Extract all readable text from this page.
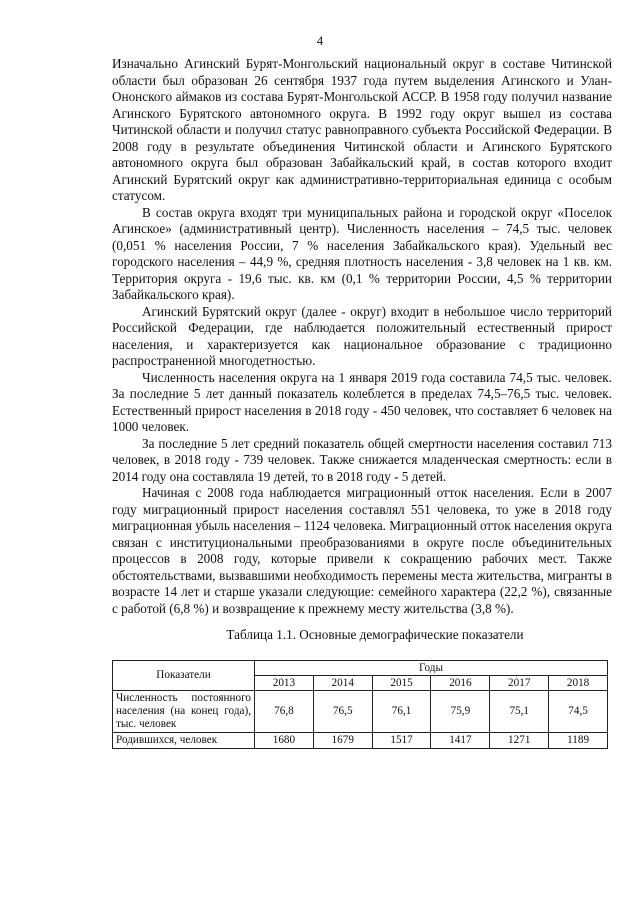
4

Изначально Агинский Бурят-Монгольский национальный округ в составе Читинской области был образован 26 сентября 1937 года путем выделения Агинского и Улан-Ононского аймаков из состава Бурят-Монгольской АССР. В 1958 году получил название Агинского Бурятского автономного округа. В 1992 году округ вышел из состава Читинской области и получил статус равноправного субъекта Российской Федерации. В 2008 году в результате объединения Читинской области и Агинского Бурятского автономного округа был образован Забайкальский край, в состав которого входит Агинский Бурятский округ как административно-территориальная единица с особым статусом.

В состав округа входят три муниципальных района и городской округ «Поселок Агинское» (административный центр). Численность населения – 74,5 тыс. человек (0,051 % населения России, 7 % населения Забайкальского края). Удельный вес городского населения – 44,9 %, средняя плотность населения - 3,8 человек на 1 кв. км. Территория округа - 19,6 тыс. кв. км (0,1 % территории России, 4,5 % территории Забайкальского края).

Агинский Бурятский округ (далее - округ) входит в небольшое число территорий Российской Федерации, где наблюдается положительный естественный прирост населения, и характеризуется как национальное образование с традиционно распространенной многодетностью.

Численность населения округа на 1 января 2019 года составила 74,5 тыс. человек. За последние 5 лет данный показатель колеблется в пределах 74,5–76,5 тыс. человек. Естественный прирост населения в 2018 году - 450 человек, что составляет 6 человек на 1000 человек.

За последние 5 лет средний показатель общей смертности населения составил 713 человек, в 2018 году - 739 человек. Также снижается младенческая смертность: если в 2014 году она составляла 19 детей, то в 2018 году - 5 детей.

Начиная с 2008 года наблюдается миграционный отток населения. Если в 2007 году миграционный прирост населения составлял 551 человека, то уже в 2018 году миграционная убыль населения – 1124 человека. Миграционный отток населения округа связан с институциональными преобразованиями в округе после объединительных процессов в 2008 году, которые привели к сокращению рабочих мест. Также обстоятельствами, вызвавшими необходимость перемены места жительства, мигранты в возрасте 14 лет и старше указали следующие: семейного характера (22,2 %), связанные с работой (6,8 %) и возвращение к прежнему месту жительства (3,8 %).

Таблица 1.1. Основные демографические показатели
Показатели	Годы					
	2013	2014	2015	2016	2017	2018
Численность постоянного населения (на конец года), тыс. человек	76,8	76,5	76,1	75,9	75,1	74,5
Родившихся, человек	1680	1679	1517	1417	1271	1189
